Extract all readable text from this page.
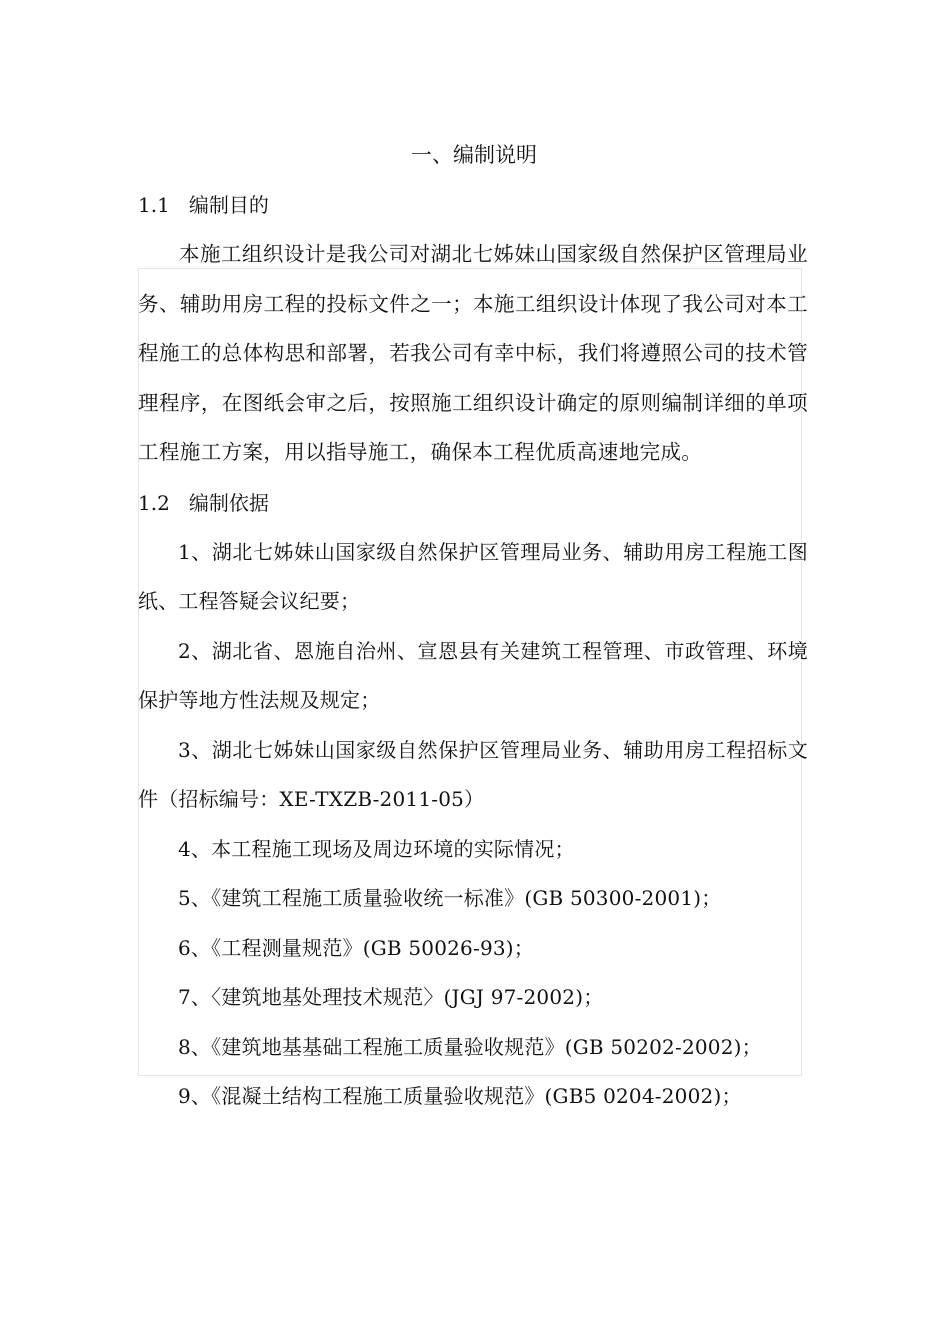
一、编制说明
1.1 编制目的

本施工组织设计是我公司对湖北七姊妹山国家级自然保护区管理局业务、辅助用房工程的投标文件之一；本施工组织设计体现了我公司对本工程施工的总体构思和部署，若我公司有幸中标，我们将遵照公司的技术管理程序，在图纸会审之后，按照施工组织设计确定的原则编制详细的单项工程施工方案，用以指导施工，确保本工程优质高速地完成。

1.2 编制依据

1、湖北七姊妹山国家级自然保护区管理局业务、辅助用房工程施工图纸、工程答疑会议纪要；

2、湖北省、恩施自治州、宣恩县有关建筑工程管理、市政管理、环境保护等地方性法规及规定；

3、湖北七姊妹山国家级自然保护区管理局业务、辅助用房工程招标文件（招标编号：XE-TXZB-2011-05）

4、本工程施工现场及周边环境的实际情况；

5、《建筑工程施工质量验收统一标准》(GB 50300-2001)；

6、《工程测量规范》(GB 50026-93)；

7、〈建筑地基处理技术规范〉(JGJ 97-2002)；

8、《建筑地基基础工程施工质量验收规范》(GB 50202-2002)；

9、《混凝土结构工程施工质量验收规范》(GB5 0204-2002)；
